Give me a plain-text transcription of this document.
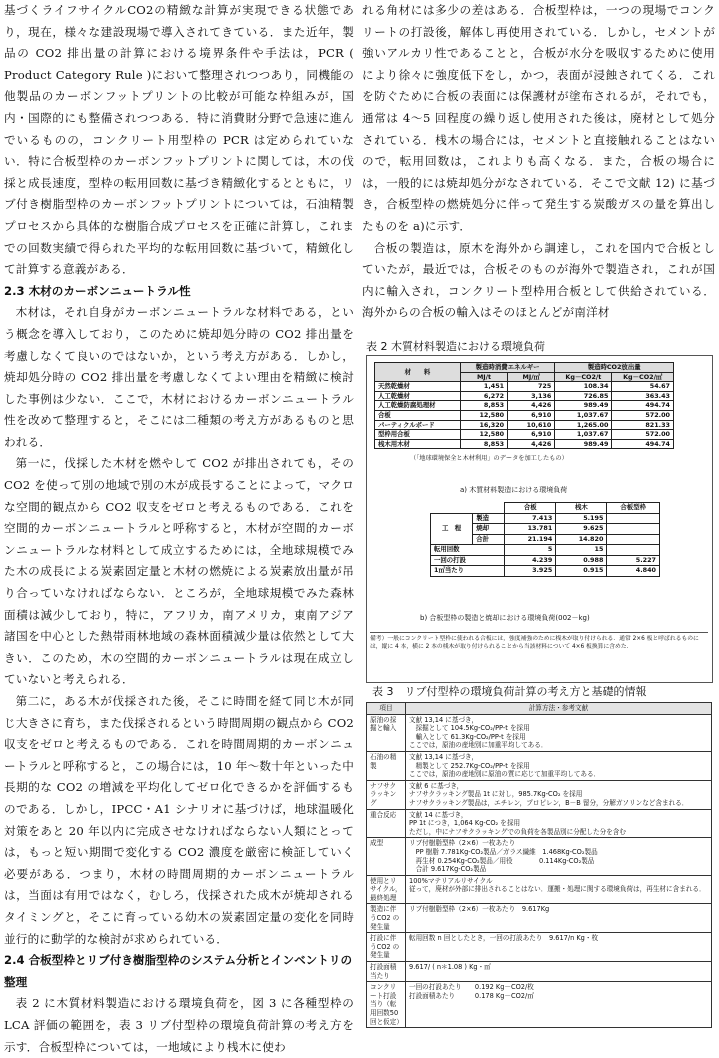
基づくライフサイクルCO2の精緻な計算が実現できる状態であり，現在，様々な建設現場で導入されてきている．また近年，製品の CO2 排出量の計算における境界条件や手法は，PCR ( Product Category Rule )において整理されつつあり，同機能の他製品のカーボンフットプリントの比較が可能な枠組みが，国内・国際的にも整備されつつある．特に消費財分野で急速に進んでいるものの，コンクリート用型枠の PCR は定められていない．特に合板型枠のカーボンフットプリントに関しては，木の伐採と成長速度，型枠の転用回数に基づき精緻化するとともに，リブ付き樹脂型枠のカーボンフットプリントについては，石油精製プロセスから具体的な樹脂合成プロセスを正確に計算し，これまでの回数実績で得られた平均的な転用回数に基づいて，精緻化して計算する意義がある．

2.3 木材のカーボンニュートラル性

木材は，それ自身がカーボンニュートラルな材料である，という概念を導入しており，このために焼却処分時の CO2 排出量を考慮しなくて良いのではないか，という考え方がある．しかし，焼却処分時の CO2 排出量を考慮しなくてよい理由を精緻に検討した事例は少ない．ここで，木材におけるカーボンニュートラル性を改めて整理すると，そこには二種類の考え方があるものと思われる．

第一に，伐採した木材を燃やして CO2 が排出されても，その CO2 を使って別の地域で別の木が成長することによって，マクロな空間的観点から CO2 収支をゼロと考えるものである．これを空間的カーボンニュートラルと呼称すると，木材が空間的カーボンニュートラルな材料として成立するためには，全地球規模でみた木の成長による炭素固定量と木材の燃焼による炭素放出量が吊り合っていなければならない．ところが，全地球規模でみた森林面積は減少しており，特に，アフリカ，南アメリカ，東南アジア諸国を中心とした熱帯雨林地域の森林面積減少量は依然として大きい．このため，木の空間的カーボンニュートラルは現在成立していないと考えられる．

第二に，ある木が伐採された後，そこに時間を経て同じ木が同じ大きさに育ち，また伐採されるという時間周期の観点から CO2 収支をゼロと考えるものである．これを時間周期的カーボンニュートラルと呼称すると，この場合には，10 年～数十年といった中長期的な CO2 の増減を平均化してゼロ化できるかを評価するものである．しかし，IPCC・A1 シナリオに基づけば，地球温暖化対策をあと 20 年以内に完成させなければならない人類にとっては，もっと短い期間で変化する CO2 濃度を厳密に検証していく必要がある．つまり，木材の時間周期的カーボンニュートラルは，当面は有用ではなく，むしろ，伐採された成木が焼却されるタイミングと，そこに育っている幼木の炭素固定量の変化を同時並行的に動学的な検討が求められている．

2.4 合板型枠とリブ付き樹脂型枠のシステム分析とインベントリの整理

表 2 に木質材料製造における環境負荷を，図 3 に各種型枠の LCA 評価の範囲を，表 3 リブ付型枠の環境負荷計算の考え方を示す．合板型枠については，一地域により桟木に使わ

れる角材には多少の差はある．合板型枠は，一つの現場でコンクリートの打設後，解体し再使用されている．しかし，セメントが強いアルカリ性であることと，合板が水分を吸収するために使用により徐々に強度低下をし，かつ，表面が浸蝕されてくる．これを防ぐために合板の表面には保護材が塗布されるが，それでも，通常は 4～5 回程度の繰り返し使用された後は，廃材として処分されている．桟木の場合には，セメントと直接触れることはないので，転用回数は，これよりも高くなる．また，合板の場合には，一般的には焼却処分がなされている．そこで文献 12) に基づき，合板型枠の燃焼処分に伴って発生する炭酸ガスの量を算出したものを a)に示す．

合板の製造は，原木を海外から調達し，これを国内で合板としていたが，最近では，合板そのものが海外で製造され，これが国内に輸入され，コンクリート型枠用合板として供給されている．海外からの合板の輸入はそのほとんどが南洋材

表 2 木質材料製造における環境負荷

材　　料	製造時消費エネルギー		製造時CO2放出量	
	MJ/t	MJ/㎥	Kg－CO2/t	Kg－CO2/㎥
天然乾燥材	1,451	725	108.34	54.67
人工乾燥材	6,272	3,136	726.85	363.43
人工乾燥防腐処理材	8,853	4,426	989.49	494.74
合板	12,580	6,910	1,037.67	572.00
パーティクルボード	16,320	10,610	1,265.00	821.33
型枠用合板	12,580	6,910	1,037.67	572.00
桟木用木材	8,853	4,426	989.49	494.74
（「地球環境保全と木材利用」のデータを加工したもの）
a) 木質材料製造における環境負荷
		合板	桟木	合板型枠
工　程	製造	7.413	5.195	
	焼却	13.781	9.625	
	合計	21.194	14.820	
転用回数		5	15	
一回の打設		4.239	0.988	5.227
1㎡当たり		3.925	0.915	4.840
b) 合板型枠の製造と焼却における環境負荷(002－kg)
備考）一般にコンクリート型枠に使われる合板には，強度補強のために桟木が取り付けられる．通常 2×6 板と呼ばれるものには，縦に 4 本，横に 2 本の桟木が取り付けられることから当該材料について 4×6 板換算に含めた．

表 3　リブ付型枠の環境負荷計算の考え方と基礎的情報

項目	計算方法・参考文献
原油の採掘と輸入	文献 13,14 に基づき，
　採掘として 104.5Kg-CO₂/PP-t を採用
　輸入として 61.3Kg-CO₂/PP-t を採用
ここでは，原油の産地別に加重平均してある．
石油の精製	文献 13,14 に基づき，
　精製として 252.7Kg-CO₂/PP-t を採用
ここでは，原油の産地別に原油の質に応じて加重平均してある．
ナフサクラッキング	文献 6 に基づき，
ナフサクラッキング製品 1t に対し，985.7Kg-CO₂ を採用
ナフサクラッキング製品は，エチレン，プロピレン，B－B 留分，分解ガソリンなど含まれる．
重合反応	文献 14 に基づき，
PP 1t につき，1,064 Kg-CO₂ を採用
ただし，中にナフサクラッキングでの負荷を各製品別に分配した分を含む
成型	リブ付樹脂型枠（2×6）一枚あたり
　PP 樹脂 7.781Kg-CO₂製品／ガラス繊維　1.468Kg-CO₂製品
　再生材 0.254Kg-CO₂製品／用役　　　　0.114Kg-CO₂製品
　合計 9.617Kg-CO₂製品
使用とリサイクル，最終処理	100%マテリアルリサイクル
従って，廃材が外部に排出されることはない．運搬・処理に関する環境負荷は，再生材に含まれる．
製造に伴うCO2 の発生量	リブ付樹脂型枠（2×6）一枚あたり　9.617Kg
打設に伴うCO2 の発生量	転用回数 n 回としたとき，一回の打設あたり　9.617/n Kg・枚
打設面積当たり	9.617/ ( n＊1.08 ) Kg・㎡
コンクリート打設当り（転用回数50回と仮定）	一回の打設あたり　　0.192 Kg－CO2/枚
打設面積あたり　　　0.178 Kg－CO2/㎡
